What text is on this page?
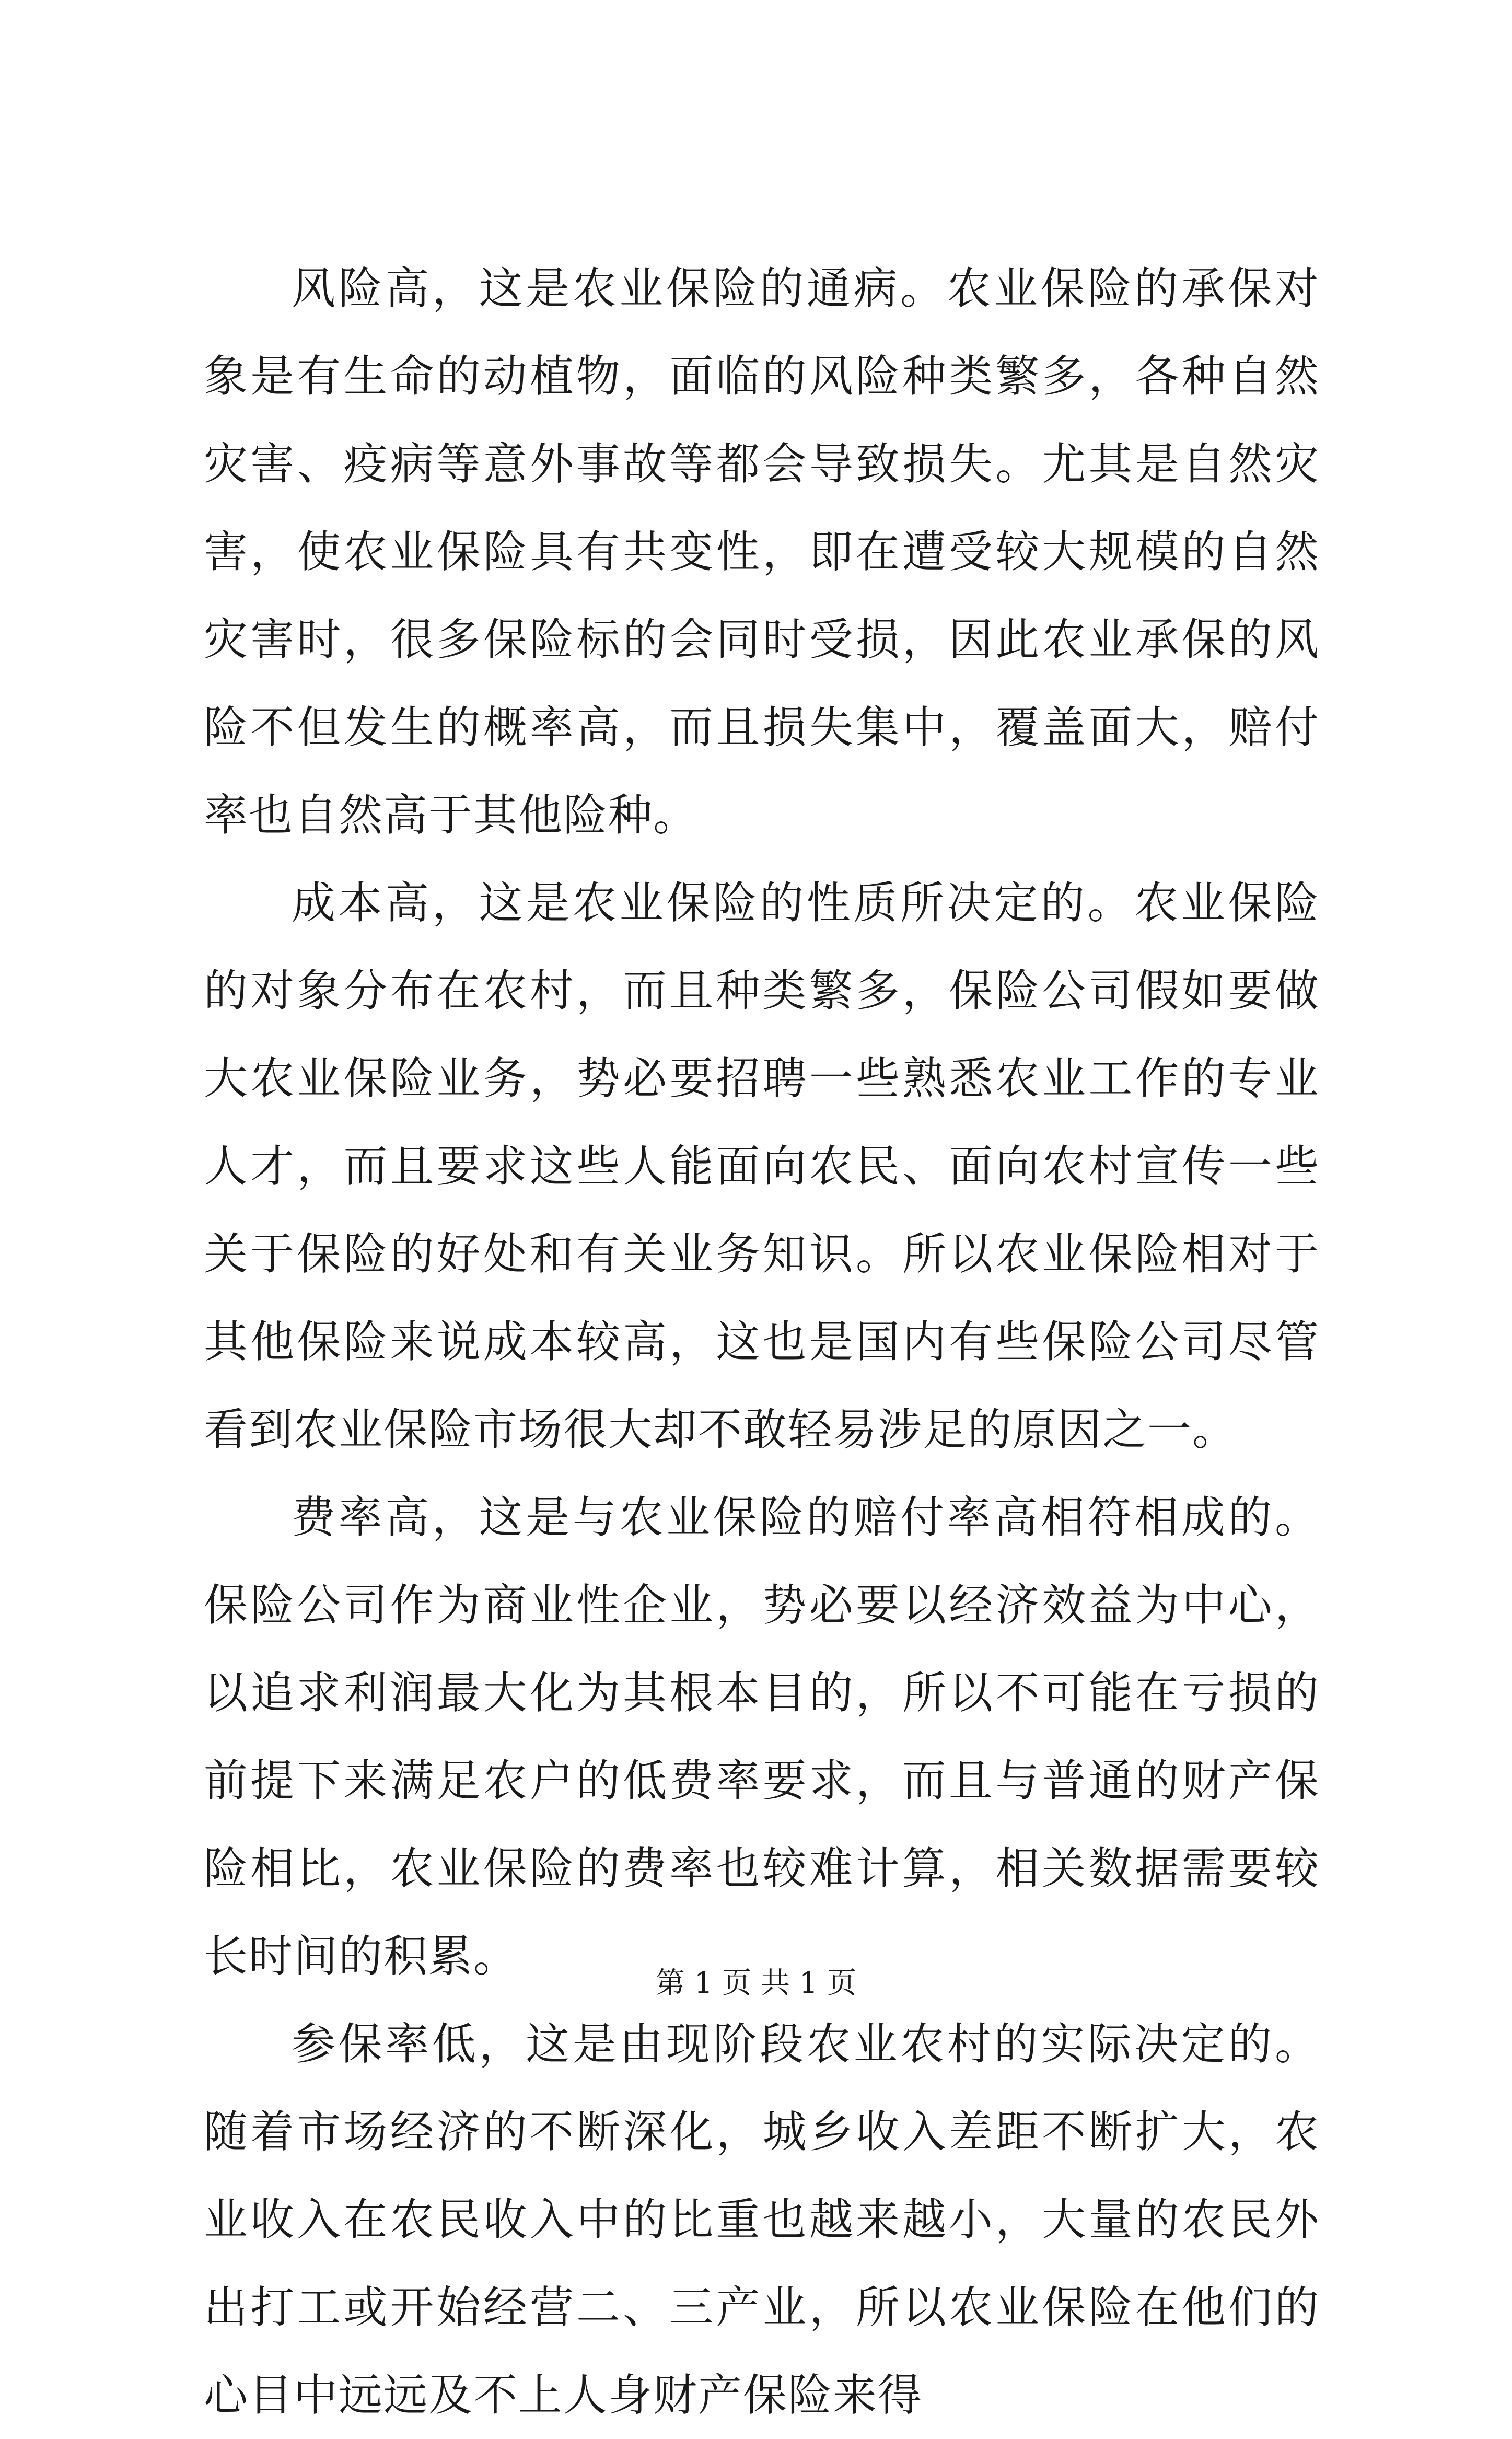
风险高，这是农业保险的通病。农业保险的承保对象是有生命的动植物，面临的风险种类繁多，各种自然灾害、疫病等意外事故等都会导致损失。尤其是自然灾害，使农业保险具有共变性，即在遭受较大规模的自然灾害时，很多保险标的会同时受损，因此农业承保的风险不但发生的概率高，而且损失集中，覆盖面大，赔付率也自然高于其他险种。

成本高，这是农业保险的性质所决定的。农业保险的对象分布在农村，而且种类繁多，保险公司假如要做大农业保险业务，势必要招聘一些熟悉农业工作的专业人才，而且要求这些人能面向农民、面向农村宣传一些关于保险的好处和有关业务知识。所以农业保险相对于其他保险来说成本较高，这也是国内有些保险公司尽管看到农业保险市场很大却不敢轻易涉足的原因之一。

费率高，这是与农业保险的赔付率高相符相成的。保险公司作为商业性企业，势必要以经济效益为中心，以追求利润最大化为其根本目的，所以不可能在亏损的前提下来满足农户的低费率要求，而且与普通的财产保险相比，农业保险的费率也较难计算，相关数据需要较长时间的积累。

参保率低，这是由现阶段农业农村的实际决定的。随着市场经济的不断深化，城乡收入差距不断扩大，农业收入在农民收入中的比重也越来越小，大量的农民外出打工或开始经营二、三产业，所以农业保险在他们的心目中远远及不上人身财产保险来得

第 1 页 共 1 页
